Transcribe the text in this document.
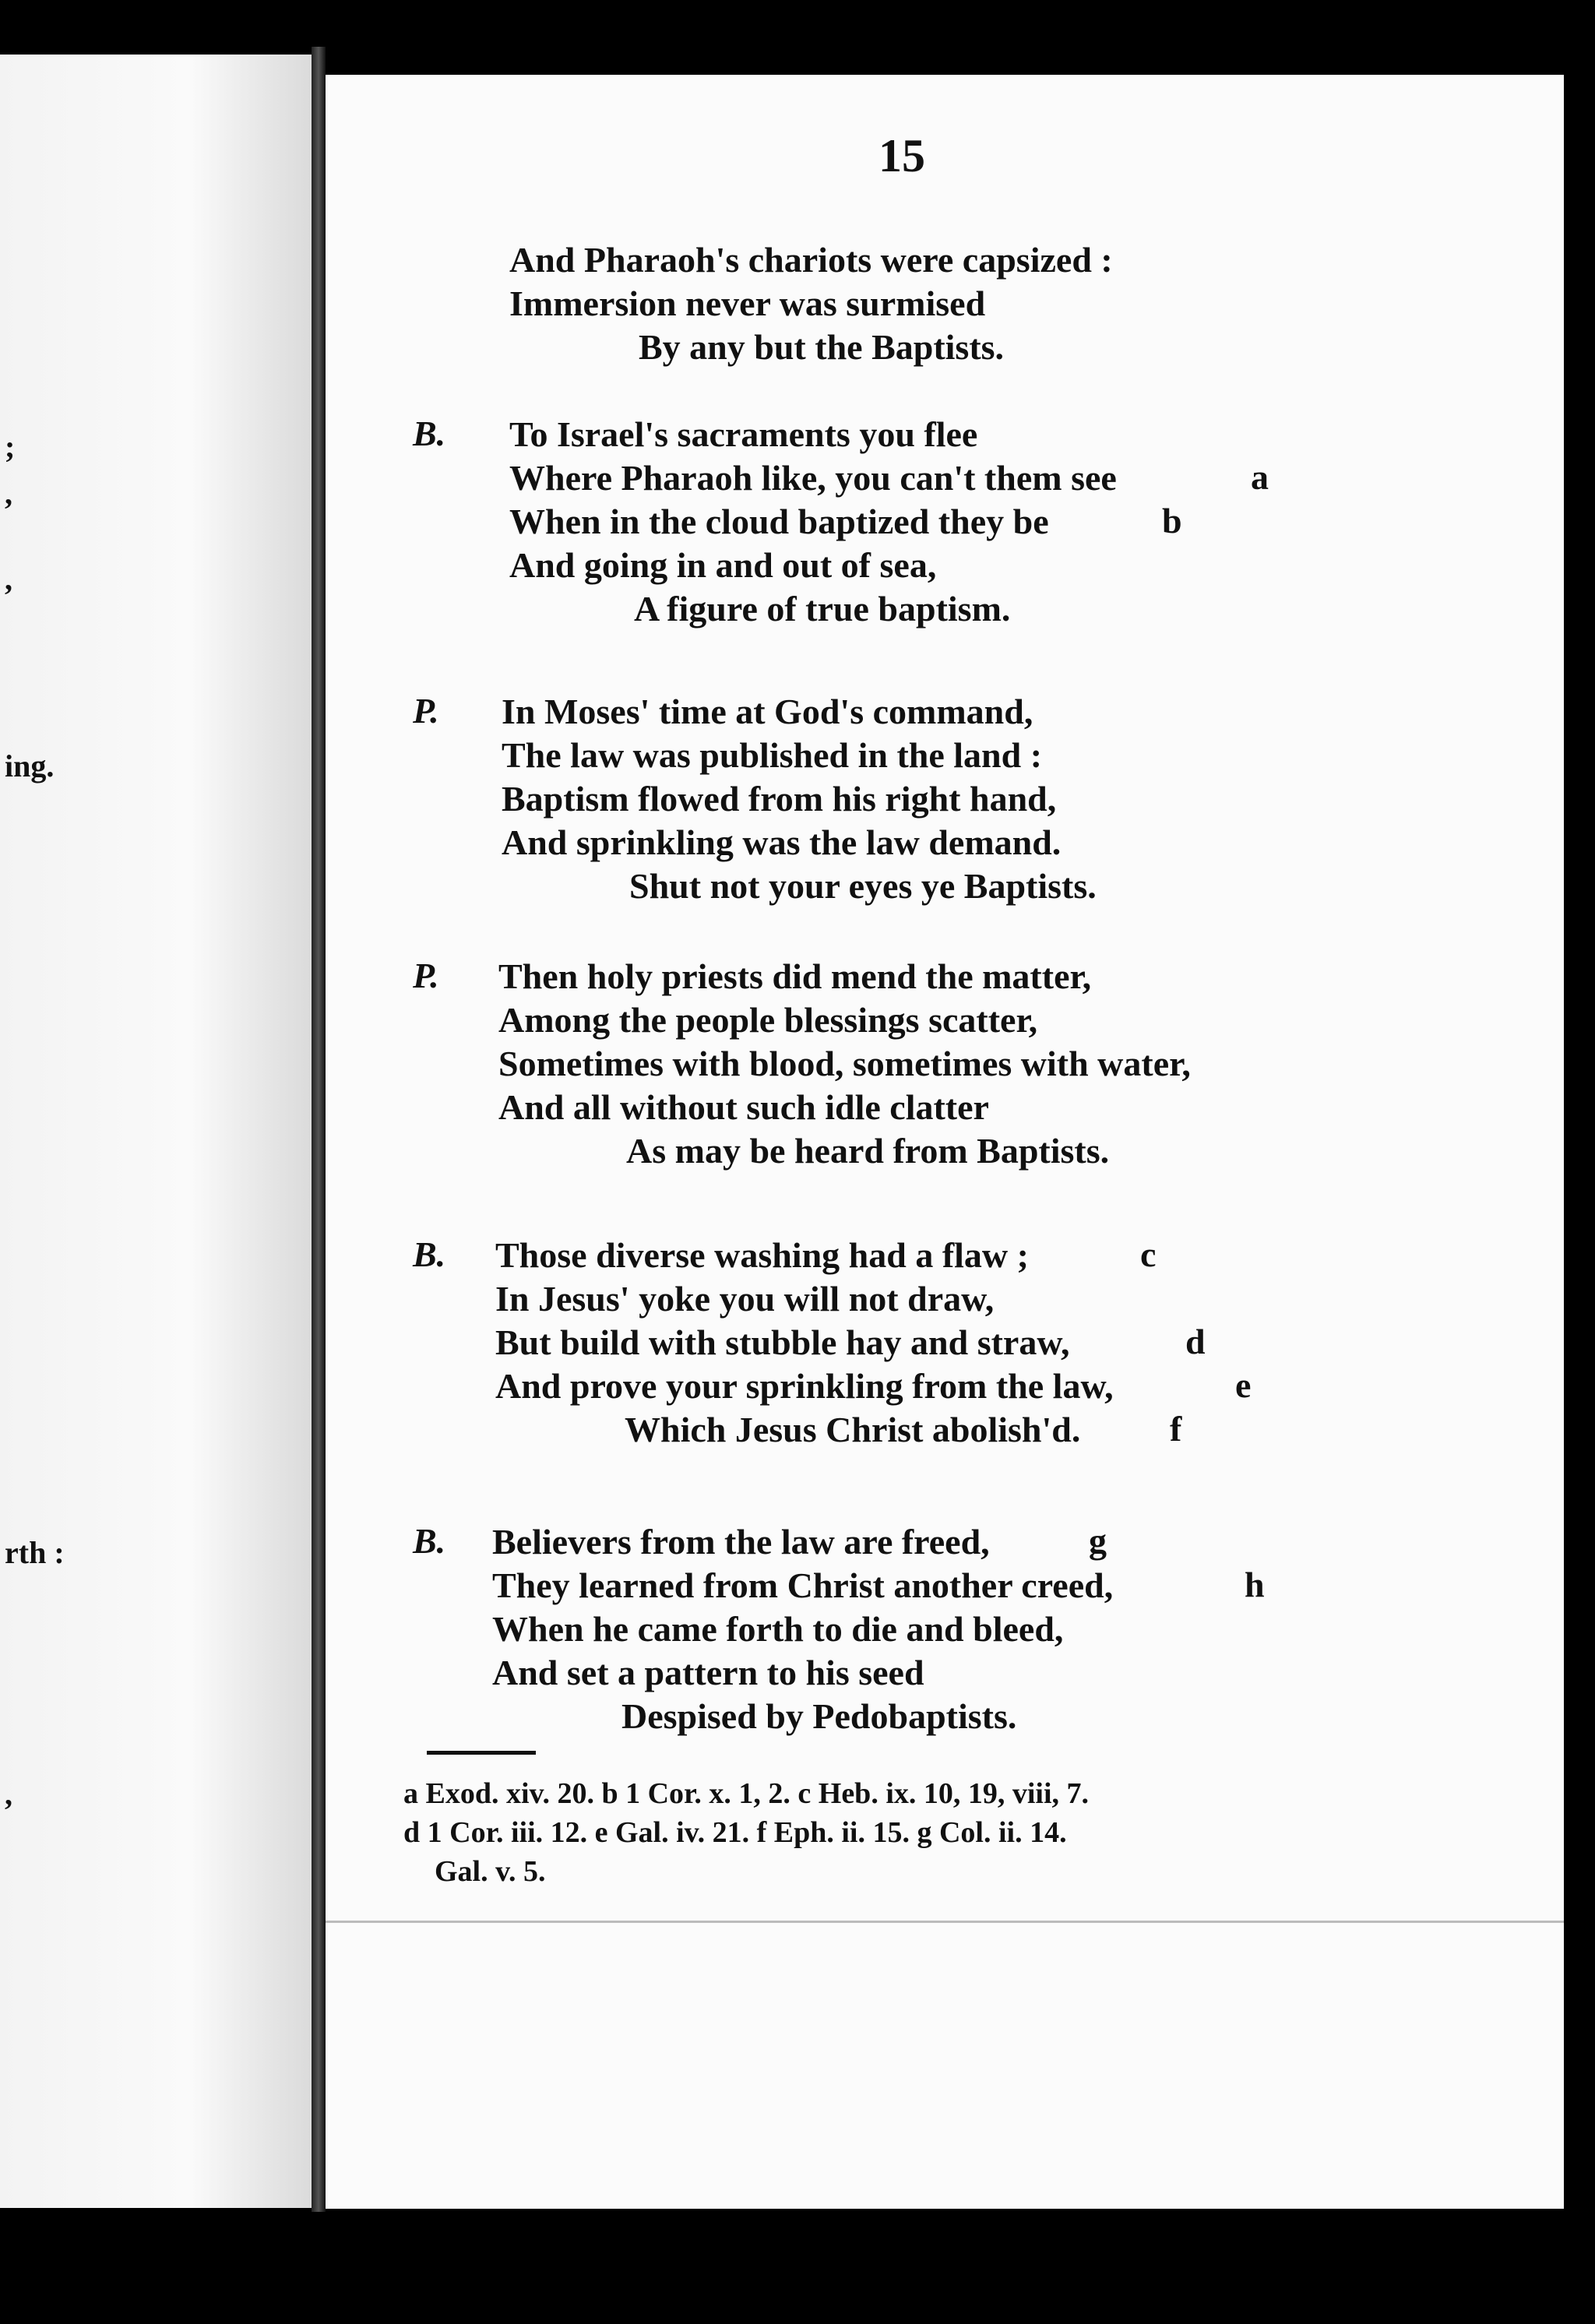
;
,
,
ing.
rth :
,
15
And Pharaoh's chariots were capsized :
Immersion never was surmised
By any but the Baptists.
B. To Israel's sacraments you flee
Where Pharaoh like, you can't them see	a
When in the cloud baptized they be	b
And going in and out of sea,
A figure of true baptism.
P. In Moses' time at God's command,
The law was published in the land :
Baptism flowed from his right hand,
And sprinkling was the law demand.
Shut not your eyes ye Baptists.
P. Then holy priests did mend the matter,
Among the people blessings scatter,
Sometimes with blood, sometimes with water,
And all without such idle clatter
As may be heard from Baptists.
B. Those diverse washing had a flaw ;	c
In Jesus' yoke you will not draw,
But build with stubble hay and straw,	d
And prove your sprinkling from the law,	e
Which Jesus Christ abolish'd. f
B. Believers from the law are freed,	g
They learned from Christ another creed,	h
When he came forth to die and bleed,
And set a pattern to his seed
Despised by Pedobaptists.
a Exod. xiv. 20. b 1 Cor. x. 1, 2. c Heb. ix. 10, 19, viii, 7.
d 1 Cor. iii. 12. e Gal. iv. 21. f Eph. ii. 15. g Col. ii. 14.
Gal. v. 5.
